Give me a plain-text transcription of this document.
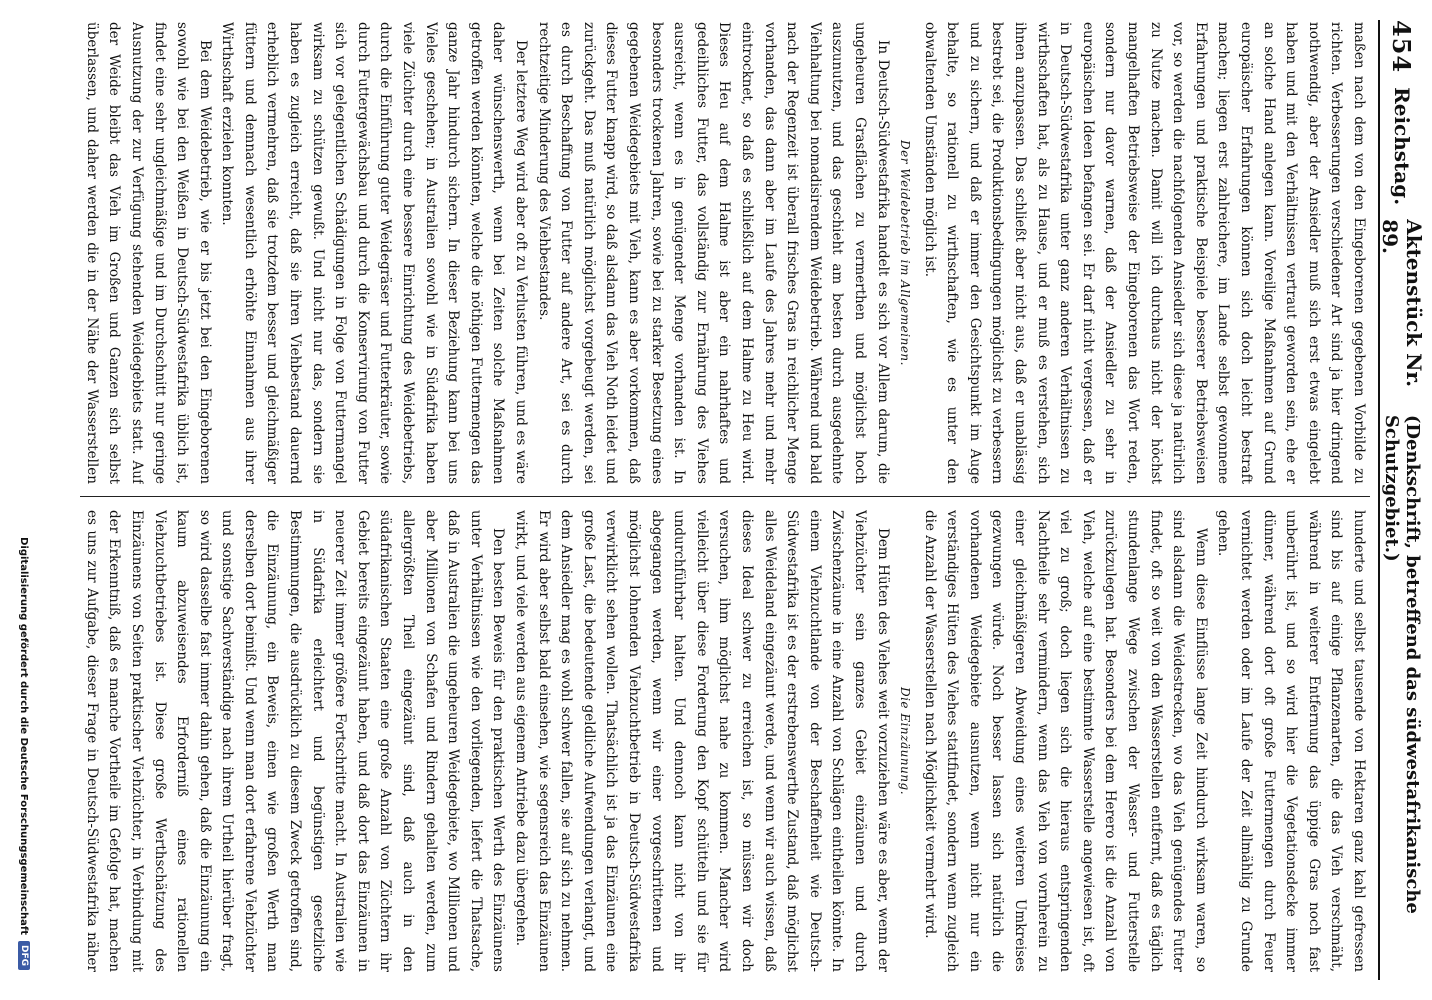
454
Reichstag.
Aktenstück Nr. 89.
(Denkschrift, betreffend das südwestafrikanische Schutzgebiet.)

maßen nach dem von den Eingeborenen gegebenen Vorbilde zu richten. Verbesserungen verschiedener Art sind ja hier dringend nothwendig, aber der Ansiedler muß sich erst etwas eingelebt haben und mit den Verhältnissen vertraut geworden sein, ehe er an solche Hand anlegen kann. Voreilige Maßnahmen auf Grund europäischer Erfahrungen können sich doch leicht bestraft machen; liegen erst zahlreichere, im Lande selbst gewonnene Erfahrungen und praktische Beispiele besserer Betriebsweisen vor, so werden die nachfolgenden Ansiedler sich diese ja natürlich zu Nutze machen. Damit will ich durchaus nicht der höchst mangelhaften Betriebsweise der Eingeborenen das Wort reden, sondern nur davor warnen, daß der Ansiedler zu sehr in europäischen Ideen befangen sei. Er darf nicht vergessen, daß er in Deutsch-Südwestafrika unter ganz anderen Verhältnissen zu wirthschaften hat, als zu Hause, und er muß es verstehen, sich ihnen anzupassen. Das schließt aber nicht aus, daß er unablässig bestrebt sei, die Produktionsbedingungen möglichst zu verbessern und zu sichern, und daß er immer den Gesichtspunkt im Auge behalte, so rationell zu wirthschaften, wie es unter den obwaltenden Umständen möglich ist.

Der Weidebetrieb im Allgemeinen.

In Deutsch-Südwestafrika handelt es sich vor Allem darum, die ungeheuren Grasflächen zu vermerthen und möglichst hoch auszunutzen, und das geschieht am besten durch ausgedehnte Viehhaltung bei nomadisirendem Weidebetrieb. Während und bald nach der Regenzeit ist überall frisches Gras in reichlicher Menge vorhanden, das dann aber im Laufe des Jahres mehr und mehr eintrocknet, so daß es schließlich auf dem Halme zu Heu wird. Dieses Heu auf dem Halme ist aber ein nahrhaftes und gedeihliches Futter, das vollständig zur Ernährung des Viehes ausreicht, wenn es in genügender Menge vorhanden ist. In besonders trockenen Jahren, sowie bei zu starker Besetzung eines gegebenen Weidegebiets mit Vieh, kann es aber vorkommen, daß dieses Futter knapp wird, so daß alsdann das Vieh Noth leidet und zurückgeht. Das muß natürlich möglichst vorgebeugt werden, sei es durch Beschaffung von Futter auf andere Art, sei es durch rechtzeitige Minderung des Viehbestandes.

Der letztere Weg wird aber oft zu Verlusten führen, und es wäre daher wünschenswerth, wenn bei Zeiten solche Maßnahmen getroffen werden könnten, welche die nöthigen Futtermengen das ganze Jahr hindurch sichern. In dieser Beziehung kann bei uns Vieles geschehen; in Australien sowohl wie in Südafrika haben viele Züchter durch eine bessere Einrichtung des Weidebetriebs, durch die Einführung guter Weidegräser und Futterkräuter, sowie durch Futtergewächsbau und durch die Konservirung von Futter sich vor gelegentlichen Schädigungen in Folge von Futtermangel wirksam zu schützen gewußt. Und nicht nur das, sondern sie haben es zugleich erreicht, daß sie ihren Viehbestand dauernd erheblich vermehren, daß sie trotzdem besser und gleichmäßiger füttern und demnach wesentlich erhöhte Einnahmen aus ihrer Wirthschaft erzielen konnten.

Bei dem Weidebetrieb, wie er bis jetzt bei den Eingeborenen sowohl wie bei den Weißen in Deutsch-Südwestafrika üblich ist, findet eine sehr ungleichmäßige und im Durchschnitt nur geringe Ausnutzung der zur Verfügung stehenden Weidegebiets statt. Auf der Weide bleibt das Vieh im Großen und Ganzen sich selbst überlassen, und daher werden die in der Nähe der Wasserstellen

hunderte und selbst tausende von Hektaren ganz kahl gefressen sind bis auf einige Pflanzenarten, die das Vieh verschmäht, während in weiterer Entfernung das üppige Gras noch fast unberührt ist, und so wird hier die Vegetationsdecke immer dünner, während dort oft große Futtermengen durch Feuer vernichtet werden oder im Laufe der Zeit allmählig zu Grunde gehen.

Wenn diese Einflüsse lange Zeit hindurch wirksam waren, so sind alsdann die Weidestrecken, wo das Vieh genügendes Futter findet, oft so weit von den Wasserstellen entfernt, daß es täglich stundenlange Wege zwischen der Wasser- und Futterstelle zurückzulegen hat. Besonders bei dem Herero ist die Anzahl von Vieh, welche auf eine bestimmte Wasserstelle angewiesen ist, oft viel zu groß; doch liegen sich die hieraus entspringenden Nachtheile sehr vermindern, wenn das Vieh von vornherein zu einer gleichmäßigeren Abweidung eines weiteren Umkreises gezwungen würde. Noch besser lassen sich natürlich die vorhandenen Weidegebiete ausnutzen, wenn nicht nur ein verständiges Hüten des Viehes stattfindet, sondern wenn zugleich die Anzahl der Wasserstellen nach Möglichkeit vermehrt wird.

Die Einzäunung.

Dem Hüten des Viehes weit vorzuziehen wäre es aber, wenn der Viehzüchter sein ganzes Gebiet einzäunen und durch Zwischenzäune in eine Anzahl von Schlägen eintheilen könnte. In einem Viehzuchtlande von der Beschaffenheit wie Deutsch-Südwestafrika ist es der erstrebenswerthe Zustand, daß möglichst alles Weideland eingezäunt werde, und wenn wir auch wissen, daß dieses Ideal schwer zu erreichen ist, so müssen wir doch versuchen, ihm möglichst nahe zu kommen. Mancher wird vielleicht über diese Forderung den Kopf schütteln und sie für undurchführbar halten. Und dennoch kann nicht von ihr abgegangen werden, wenn wir einer vorgeschrittenen und möglichst lohnenden Viehzuchtbetrieb in Deutsch-Südwestafrika verwirklicht sehen wollen. Thatsächlich ist ja das Einzäunen eine große Last, die bedeutende geldliche Aufwendungen verlangt, und dem Ansiedler mag es wohl schwer fallen, sie auf sich zu nehmen. Er wird aber selbst bald einsehen, wie segensreich das Einzäunen wirkt, und viele werden aus eigenem Antriebe dazu übergehen.

Den besten Beweis für den praktischen Werth des Einzäunens unter Verhältnissen wie den vorliegenden, liefert die Thatsache, daß in Australien die ungeheuren Weidegebiete, wo Millionen und aber Millionen von Schafen und Rindern gehalten werden, zum allergrößten Theil eingezäunt sind, daß auch in den südafrikanischen Staaten eine große Anzahl von Züchtern ihr Gebiet bereits eingezäunt haben, und daß dort das Einzäunen in neuerer Zeit immer größere Fortschritte macht. In Australien wie in Südafrika erleichtert und begünstigen gesetzliche Bestimmungen, die ausdrücklich zu diesem Zweck getroffen sind, die Einzäunung, ein Beweis, einen wie großen Werth man derselben dort beimißt. Und wenn man dort erfahrene Viehzüchter und sonstige Sachverständige nach ihrem Urtheil hierüber fragt, so wird dasselbe fast immer dahin gehen, daß die Einzäunung ein kaum abzuweisendes Erforderniß eines rationellen Viehzuchtbetriebes ist. Diese große Werthschätzung des Einzäunens von Seiten praktischer Viehzüchter, in Verbindung mit der Erkenntniß, daß es manche Vortheile im Gefolge hat, machen es uns zur Aufgabe, dieser Frage in Deutsch-Südwestafrika näher

Digitalisierung gefördert durch die Deutsche Forschungsgemeinschaft
DFG
